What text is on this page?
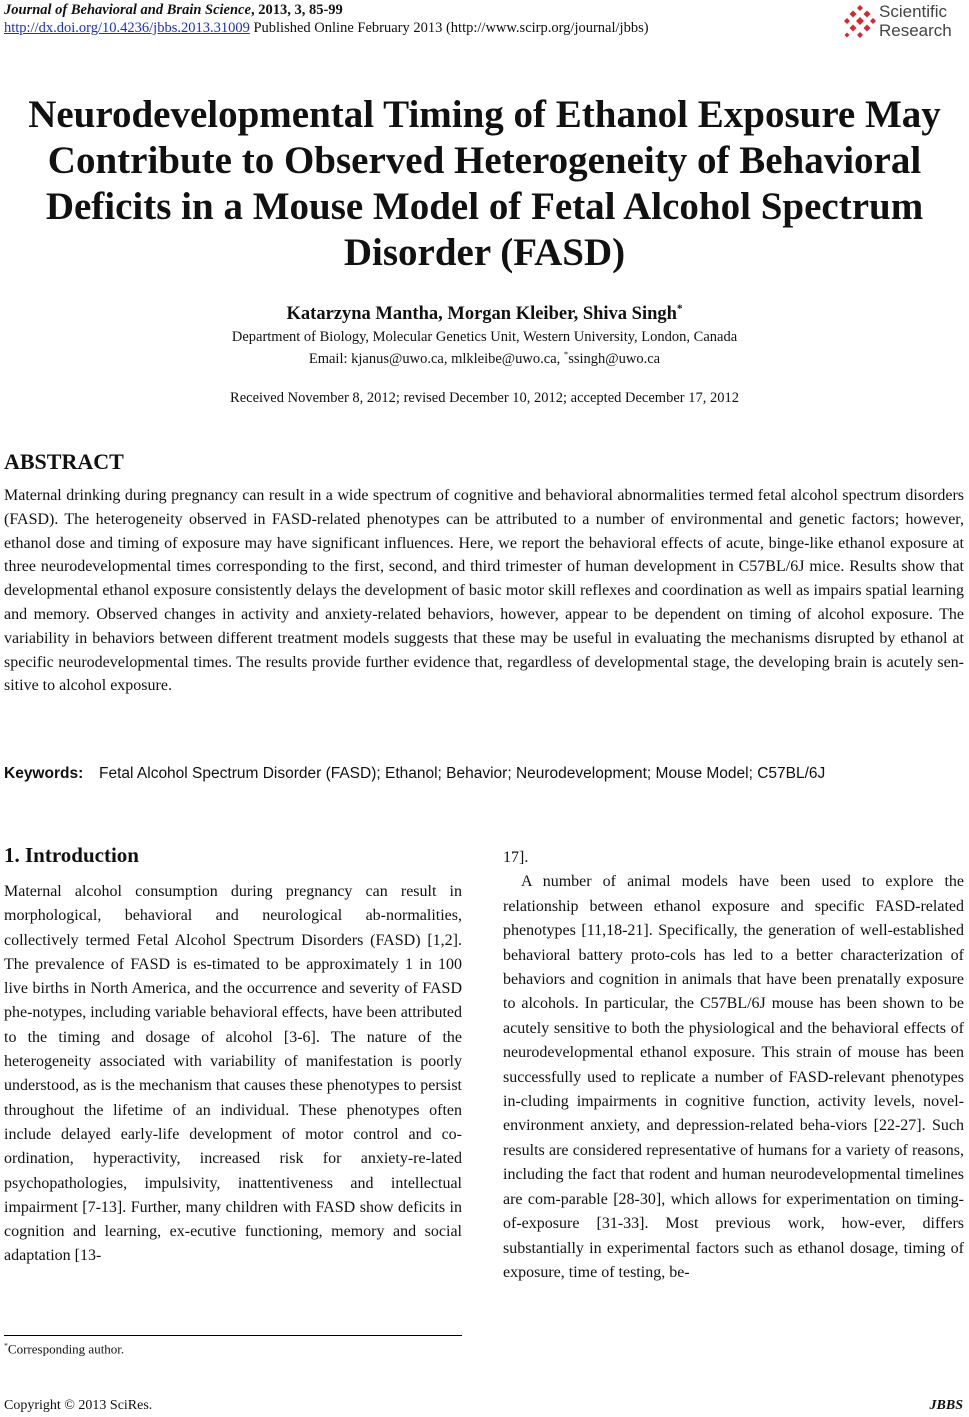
Journal of Behavioral and Brain Science, 2013, 3, 85-99
http://dx.doi.org/10.4236/jbbs.2013.31009 Published Online February 2013 (http://www.scirp.org/journal/jbbs)
Scientific
Research
Neurodevelopmental Timing of Ethanol Exposure May Contribute to Observed Heterogeneity of Behavioral Deficits in a Mouse Model of Fetal Alcohol Spectrum Disorder (FASD)
Katarzyna Mantha, Morgan Kleiber, Shiva Singh*
Department of Biology, Molecular Genetics Unit, Western University, London, Canada
Email: kjanus@uwo.ca, mlkleibe@uwo.ca, *ssingh@uwo.ca
Received November 8, 2012; revised December 10, 2012; accepted December 17, 2012
ABSTRACT
Maternal drinking during pregnancy can result in a wide spectrum of cognitive and behavioral abnormalities termed fetal alcohol spectrum disorders (FASD). The heterogeneity observed in FASD-related phenotypes can be attributed to a number of environmental and genetic factors; however, ethanol dose and timing of exposure may have significant influences. Here, we report the behavioral effects of acute, binge-like ethanol exposure at three neurodevelopmental times corresponding to the first, second, and third trimester of human development in C57BL/6J mice. Results show that developmental ethanol exposure consistently delays the development of basic motor skill reflexes and coordination as well as impairs spatial learning and memory. Observed changes in activity and anxiety-related behaviors, however, appear to be dependent on timing of alcohol exposure. The variability in behaviors between different treatment models suggests that these may be useful in evaluating the mechanisms disrupted by ethanol at specific neurodevelopmental times. The results provide further evidence that, regardless of developmental stage, the developing brain is acutely sen-sitive to alcohol exposure.
Keywords:	Fetal Alcohol Spectrum Disorder (FASD); Ethanol; Behavior; Neurodevelopment; Mouse Model; C57BL/6J
1. Introduction

Maternal alcohol consumption during pregnancy can result in morphological, behavioral and neurological ab-normalities, collectively termed Fetal Alcohol Spectrum Disorders (FASD) [1,2]. The prevalence of FASD is es-timated to be approximately 1 in 100 live births in North America, and the occurrence and severity of FASD phe-notypes, including variable behavioral effects, have been attributed to the timing and dosage of alcohol [3-6]. The nature of the heterogeneity associated with variability of manifestation is poorly understood, as is the mechanism that causes these phenotypes to persist throughout the lifetime of an individual. These phenotypes often include delayed early-life development of motor control and co-ordination, hyperactivity, increased risk for anxiety-re-lated psychopathologies, impulsivity, inattentiveness and intellectual impairment [7-13]. Further, many children with FASD show deficits in cognition and learning, ex-ecutive functioning, memory and social adaptation [13-

17].

A number of animal models have been used to explore the relationship between ethanol exposure and specific FASD-related phenotypes [11,18-21]. Specifically, the generation of well-established behavioral battery proto-cols has led to a better characterization of behaviors and cognition in animals that have been prenatally exposure to alcohols. In particular, the C57BL/6J mouse has been shown to be acutely sensitive to both the physiological and the behavioral effects of neurodevelopmental ethanol exposure. This strain of mouse has been successfully used to replicate a number of FASD-relevant phenotypes in-cluding impairments in cognitive function, activity levels, novel-environment anxiety, and depression-related beha-viors [22-27]. Such results are considered representative of humans for a variety of reasons, including the fact that rodent and human neurodevelopmental timelines are com-parable [28-30], which allows for experimentation on timing-of-exposure [31-33]. Most previous work, how-ever, differs substantially in experimental factors such as ethanol dosage, timing of exposure, time of testing, be-

*Corresponding author.
Copyright © 2013 SciRes.	JBBS
